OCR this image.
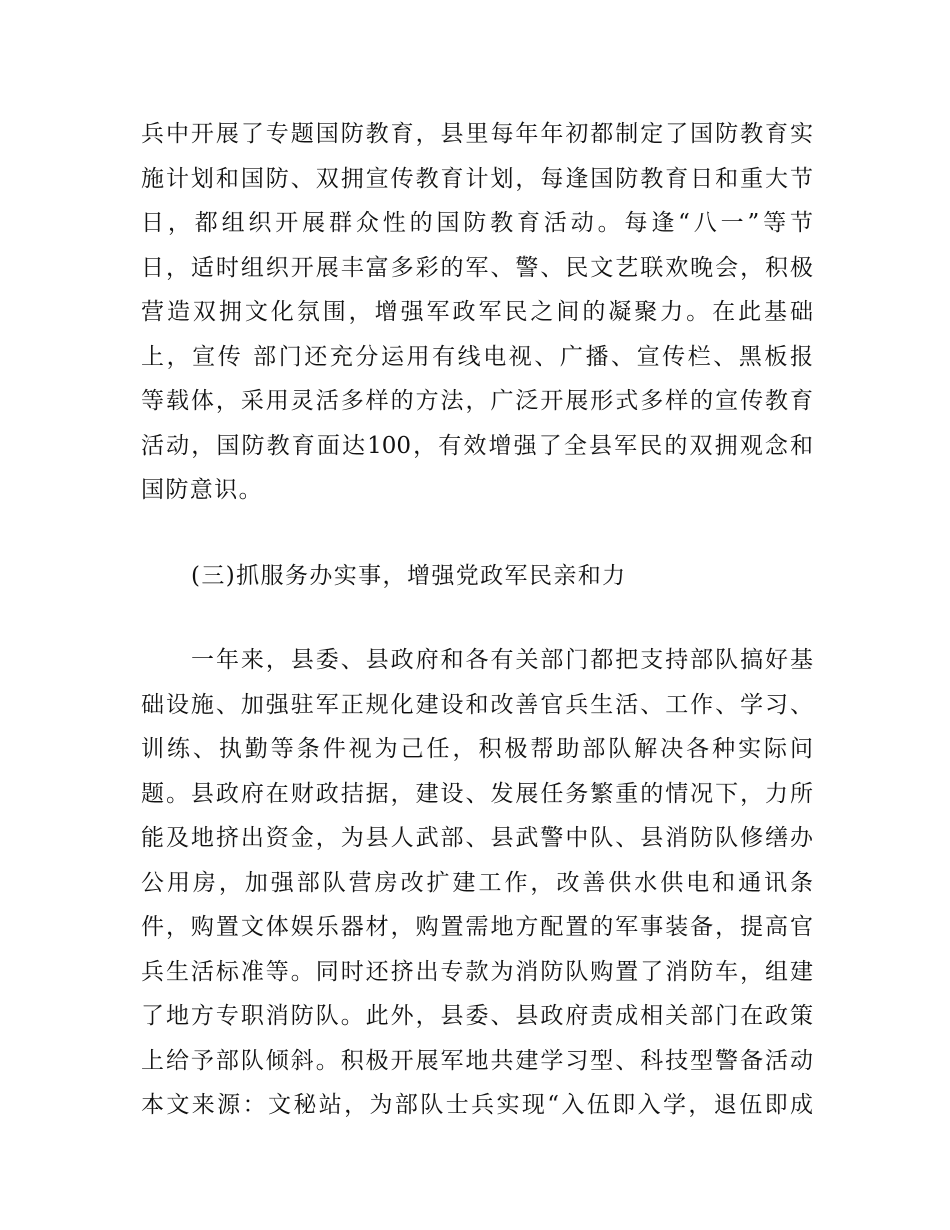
兵中开展了专题国防教育，县里每年年初都制定了国防教育实
施计划和国防、双拥宣传教育计划，每逢国防教育日和重大节
日，都组织开展群众性的国防教育活动。每逢“八一”等节
日，适时组织开展丰富多彩的军、警、民文艺联欢晚会，积极
营造双拥文化氛围，增强军政军民之间的凝聚力。在此基础
上，宣传 部门还充分运用有线电视、广播、宣传栏、黑板报
等载体，采用灵活多样的方法，广泛开展形式多样的宣传教育
活动，国防教育面达100，有效增强了全县军民的双拥观念和
国防意识。
(三)抓服务办实事，增强党政军民亲和力
一年来，县委、县政府和各有关部门都把支持部队搞好基
础设施、加强驻军正规化建设和改善官兵生活、工作、学习、
训练、执勤等条件视为己任，积极帮助部队解决各种实际问
题。县政府在财政拮据，建设、发展任务繁重的情况下，力所
能及地挤出资金，为县人武部、县武警中队、县消防队修缮办
公用房，加强部队营房改扩建工作，改善供水供电和通讯条
件，购置文体娱乐器材，购置需地方配置的军事装备，提高官
兵生活标准等。同时还挤出专款为消防队购置了消防车，组建
了地方专职消防队。此外，县委、县政府责成相关部门在政策
上给予部队倾斜。积极开展军地共建学习型、科技型警备活动
本文来源：文秘站，为部队士兵实现“入伍即入学，退伍即成
